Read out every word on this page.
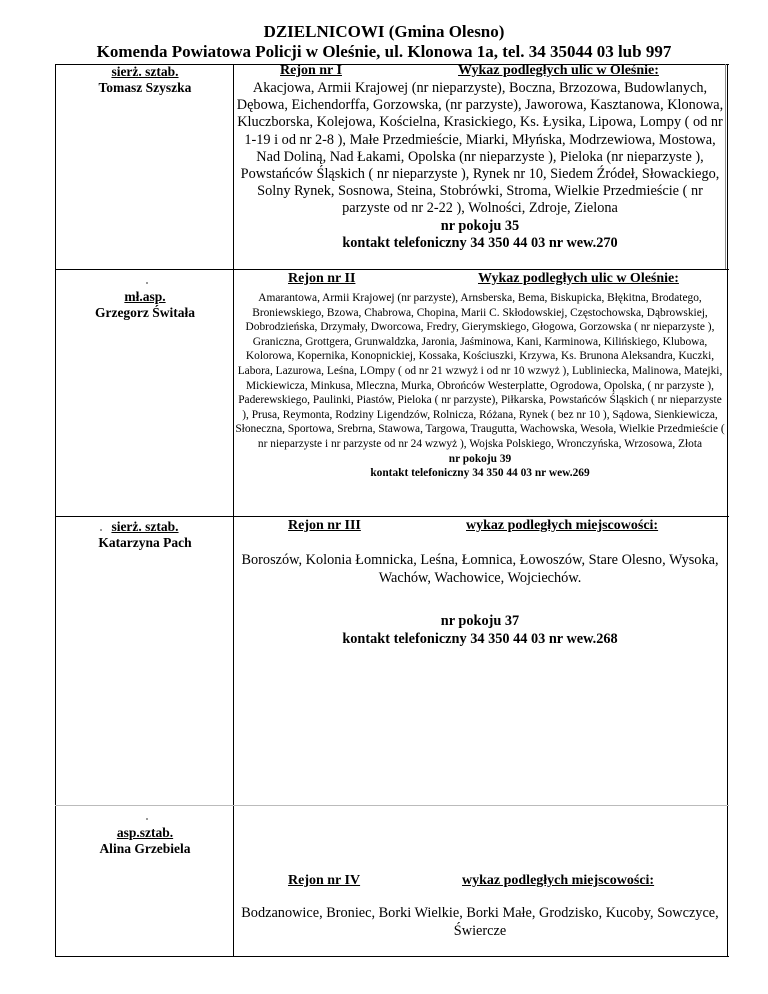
DZIELNICOWI (Gmina Olesno)
Komenda Powiatowa Policji w Oleśnie, ul. Klonowa 1a, tel. 34 35044 03 lub 997
sierż. sztab.
Tomasz Szyszka
Rejon nr I	Wykaz podległych ulic w Oleśnie:
Akacjowa, Armii Krajowej (nr nieparzyste), Boczna, Brzozowa, Budowlanych, Dębowa, Eichendorffa, Gorzowska, (nr parzyste), Jaworowa, Kasztanowa, Klonowa, Kluczborska, Kolejowa, Kościelna, Krasickiego, Ks. Łysika, Lipowa, Lompy ( od nr 1-19 i od nr 2-8 ), Małe Przedmieście, Miarki, Młyńska, Modrzewiowa, Mostowa, Nad Doliną, Nad Łakami, Opolska (nr nieparzyste ), Pieloka (nr nieparzyste ), Powstańców Śląskich ( nr nieparzyste ), Rynek nr 10, Siedem Źródeł, Słowackiego, Solny Rynek, Sosnowa, Steina, Stobrówki, Stroma, Wielkie Przedmieście ( nr parzyste od nr 2-22 ), Wolności, Zdroje, Zielona
nr pokoju 35
kontakt telefoniczny 34 350 44 03 nr wew.270
mł.asp.
Grzegorz Świtała
Rejon nr II	Wykaz podległych ulic w Oleśnie:
Amarantowa, Armii Krajowej (nr parzyste), Arnsberska, Bema, Biskupicka, Błękitna, Brodatego, Broniewskiego, Bzowa, Chabrowa, Chopina, Marii C. Skłodowskiej, Częstochowska, Dąbrowskiej, Dobrodzieńska, Drzymały, Dworcowa, Fredry, Gierymskiego, Głogowa, Gorzowska ( nr nieparzyste ), Graniczna, Grottgera, Grunwaldzka, Jaronia, Jaśminowa, Kani, Karminowa, Kilińskiego, Klubowa, Kolorowa, Kopernika, Konopnickiej, Kossaka, Kościuszki, Krzywa, Ks. Brunona Aleksandra, Kuczki, Labora, Lazurowa, Leśna, LOmpy ( od nr 21 wzwyż i od nr 10 wzwyż ), Lubliniecka, Malinowa, Matejki, Mickiewicza, Minkusa, Mleczna, Murka, Obrońców Westerplatte, Ogrodowa, Opolska, ( nr parzyste ), Paderewskiego, Paulinki, Piastów, Pieloka ( nr parzyste), Piłkarska, Powstańców Śląskich ( nr nieparzyste ), Prusa, Reymonta, Rodziny Ligendzów, Rolnicza, Różana, Rynek ( bez nr 10 ), Sądowa, Sienkiewicza, Słoneczna, Sportowa, Srebrna, Stawowa, Targowa, Traugutta, Wachowska, Wesoła, Wielkie Przedmieście ( nr nieparzyste i nr parzyste od nr 24 wzwyż ), Wojska Polskiego, Wronczyńska, Wrzosowa, Złota
nr pokoju 39
kontakt telefoniczny 34 350 44 03 nr wew.269
sierż. sztab.
Katarzyna Pach
Rejon nr III	wykaz podległych miejscowości:
Boroszów, Kolonia Łomnicka, Leśna, Łomnica, Łowoszów, Stare Olesno, Wysoka, Wachów, Wachowice, Wojciechów.
nr pokoju 37
kontakt telefoniczny 34 350 44 03 nr wew.268
asp.sztab.
Alina Grzebiela
Rejon nr IV	wykaz podległych miejscowości:
Bodzanowice, Broniec, Borki Wielkie, Borki Małe, Grodzisko, Kucoby, Sowczyce, Świercze
